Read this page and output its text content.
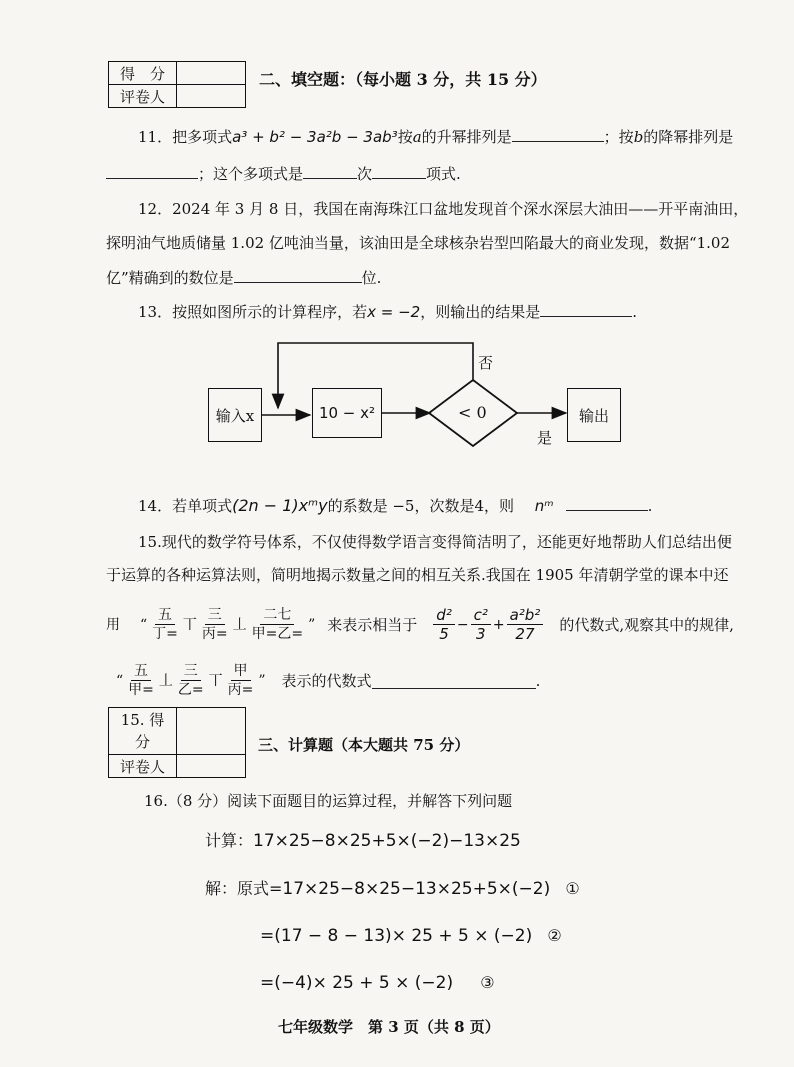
得　分	
评卷人	
二、填空题：（每小题 3 分，共 15 分）
11．把多项式a³ + b² − 3a²b − 3ab³按a的升幂排列是	；按b的降幂排列是
；这个多项式是	次	项式.
12．2024 年 3 月 8 日，我国在南海珠江口盆地发现首个深水深层大油田——开平南油田，
探明油气地质储量 1.02 亿吨油当量，该油田是全球核杂岩型凹陷最大的商业发现，数据“1.02
亿”精确到的数位是	位.
13．按照如图所示的计算程序，若x = −2，则输出的结果是	.
输入x	10 − x²	< 0	输出
否
是
14．若单项式(2n − 1)xᵐy的系数是 −5，次数是4，则 nᵐ	.
15.现代的数学符号体系，不仅使得数学语言变得简洁明了，还能更好地帮助人们总结出便
于运算的各种运算法则，简明地揭示数量之间的相互关系.我国在 1905 年清朝学堂的课本中还
用 “ $\frac{\text{五}}{\text{丁=}}$ 丅 $\frac{\text{三}}{\text{丙=}}$ 丄 $\frac{\text{二七}}{\text{甲=乙=}}$ ” 来表示相当于 $\frac{\text{d²}}{5} - \frac{\text{c²}}{3} + \frac{\text{a²b²}}{27}$ 的代数式,观察其中的规律,
“ $\frac{\text{五}}{\text{甲=}}$ 丄 $\frac{\text{三}}{\text{乙=}}$ 丅 $\frac{\text{甲}}{\text{丙=}}$ ” 表示的代数式	.
15. 得
分	
评卷人	
三、计算题（本大题共 75 分）
16.（8 分）阅读下面题目的运算过程，并解答下列问题
计算：17×25−8×25+5×(−2)−13×25
解：原式=17×25−8×25−13×25+5×(−2) ①
=(17 − 8 − 13)× 25 + 5 × (−2) ②
=(−4)× 25 + 5 × (−2) ③
七年级数学　第 3 页（共 8 页）
